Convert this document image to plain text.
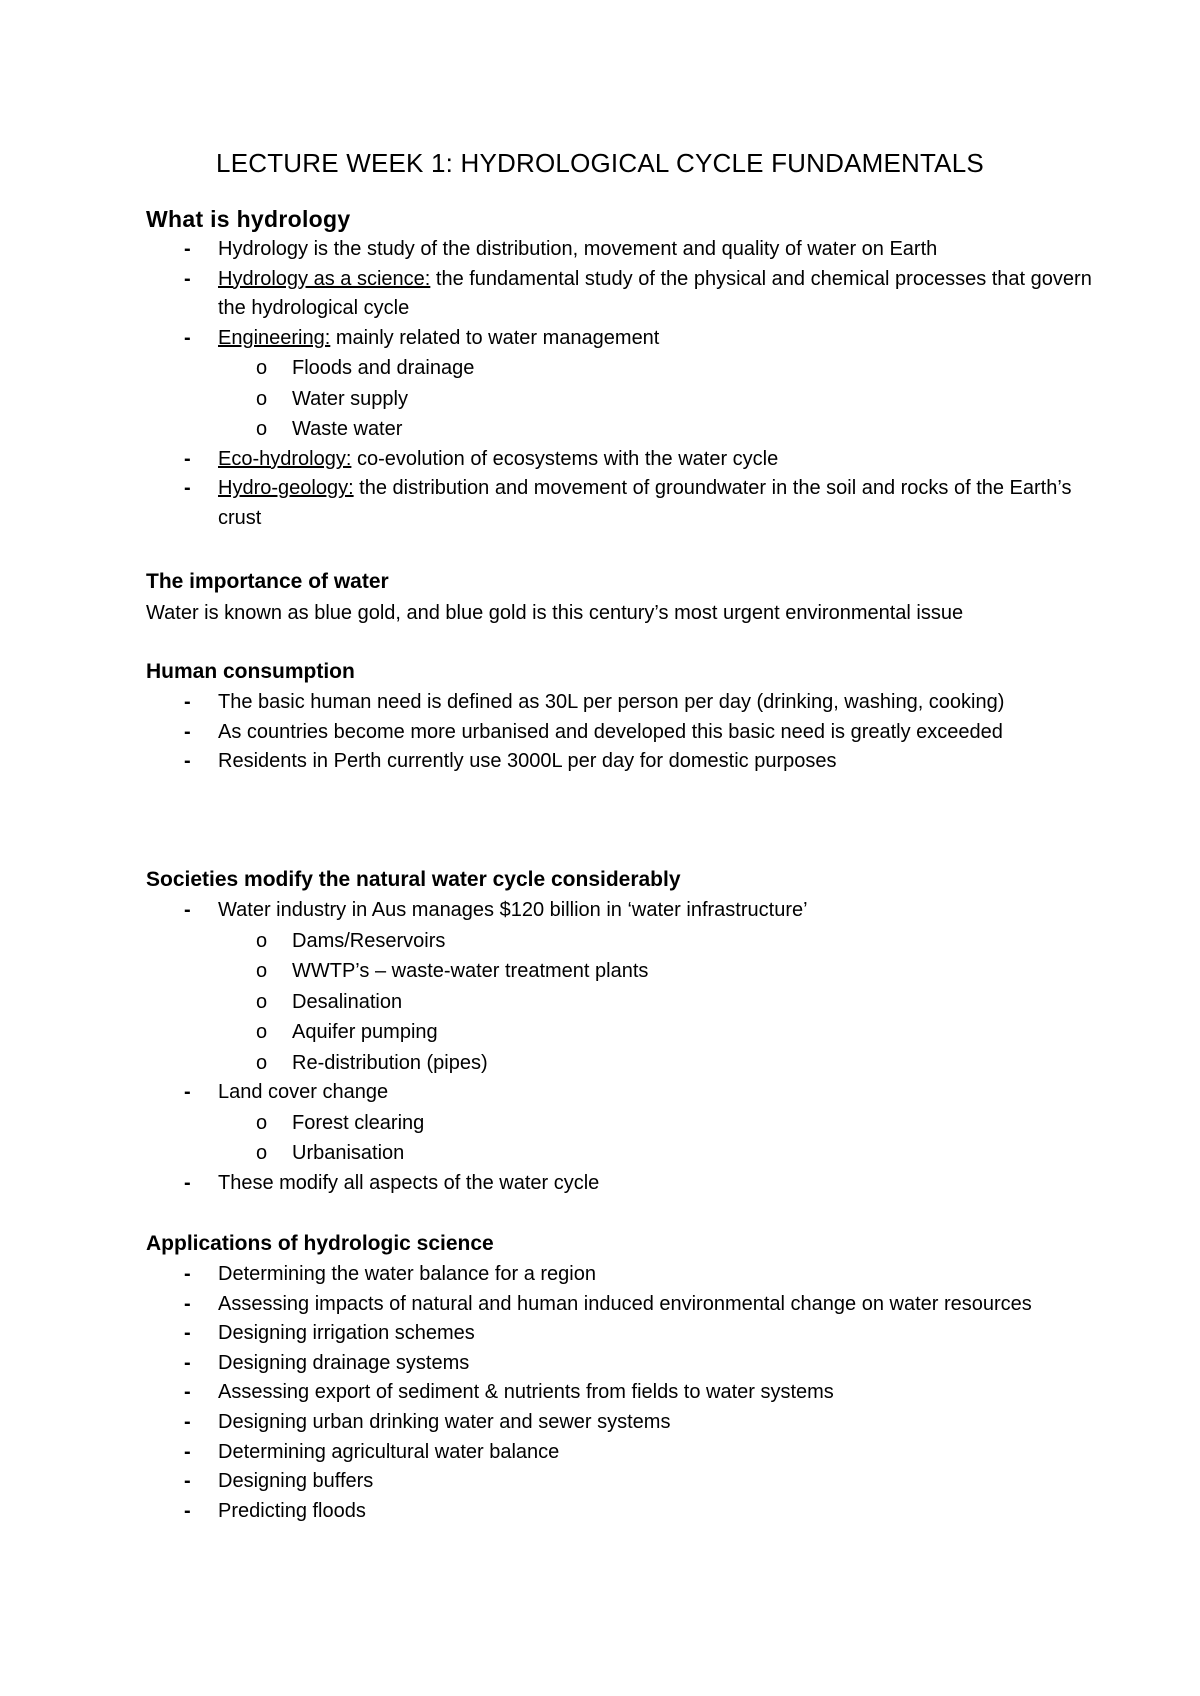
LECTURE WEEK 1: HYDROLOGICAL CYCLE FUNDAMENTALS
What is hydrology
- Hydrology is the study of the distribution, movement and quality of water on Earth
- Hydrology as a science: the fundamental study of the physical and chemical processes that govern the hydrological cycle
- Engineering: mainly related to water management
o Floods and drainage
o Water supply
o Waste water
- Eco-hydrology: co-evolution of ecosystems with the water cycle
- Hydro-geology: the distribution and movement of groundwater in the soil and rocks of the Earth’s crust
The importance of water

Water is known as blue gold, and blue gold is this century’s most urgent environmental issue

Human consumption
- The basic human need is defined as 30L per person per day (drinking, washing, cooking)
- As countries become more urbanised and developed this basic need is greatly exceeded
- Residents in Perth currently use 3000L per day for domestic purposes
Societies modify the natural water cycle considerably
- Water industry in Aus manages $120 billion in ‘water infrastructure’
o Dams/Reservoirs
o WWTP’s – waste-water treatment plants
o Desalination
o Aquifer pumping
o Re-distribution (pipes)
- Land cover change
o Forest clearing
o Urbanisation
- These modify all aspects of the water cycle
Applications of hydrologic science
- Determining the water balance for a region
- Assessing impacts of natural and human induced environmental change on water resources
- Designing irrigation schemes
- Designing drainage systems
- Assessing export of sediment & nutrients from fields to water systems
- Designing urban drinking water and sewer systems
- Determining agricultural water balance
- Designing buffers
- Predicting floods
